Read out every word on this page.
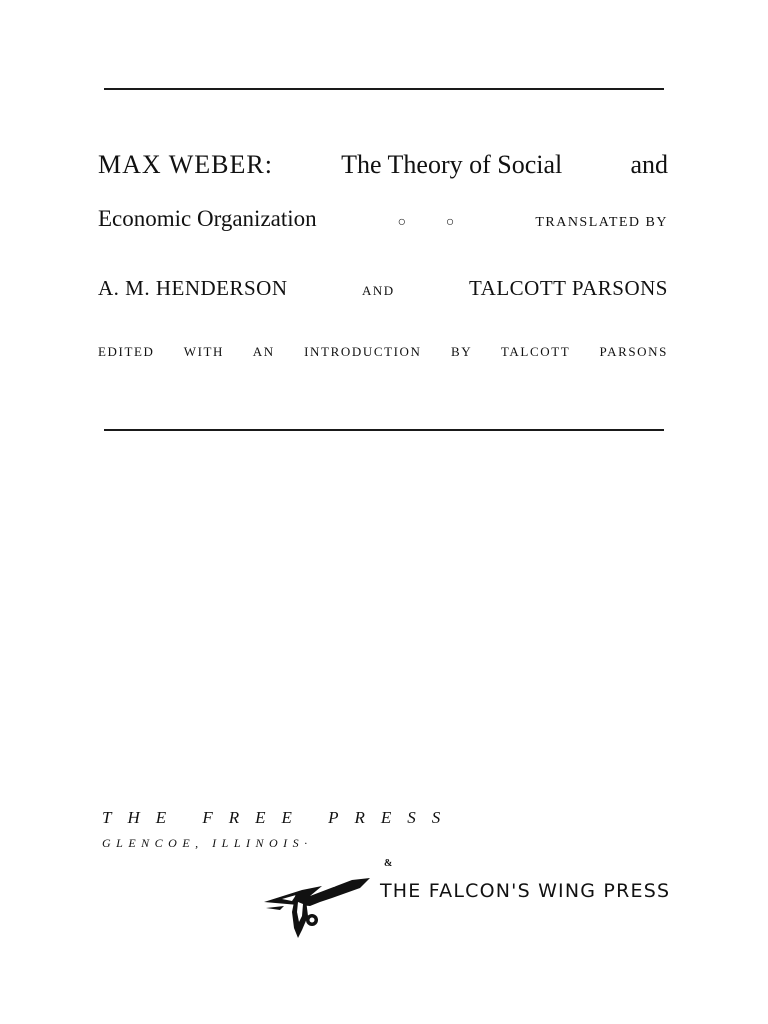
MAX WEBER:	The Theory of Social	and
Economic Organization	○	○	TRANSLATED BY
A. M. HENDERSON	AND	TALCOTT PARSONS
EDITED WITH AN INTRODUCTION BY TALCOTT PARSONS
THE FREE PRESS
GLENCOE, ILLINOIS·
&
THE FALCON'S WING PRESS
